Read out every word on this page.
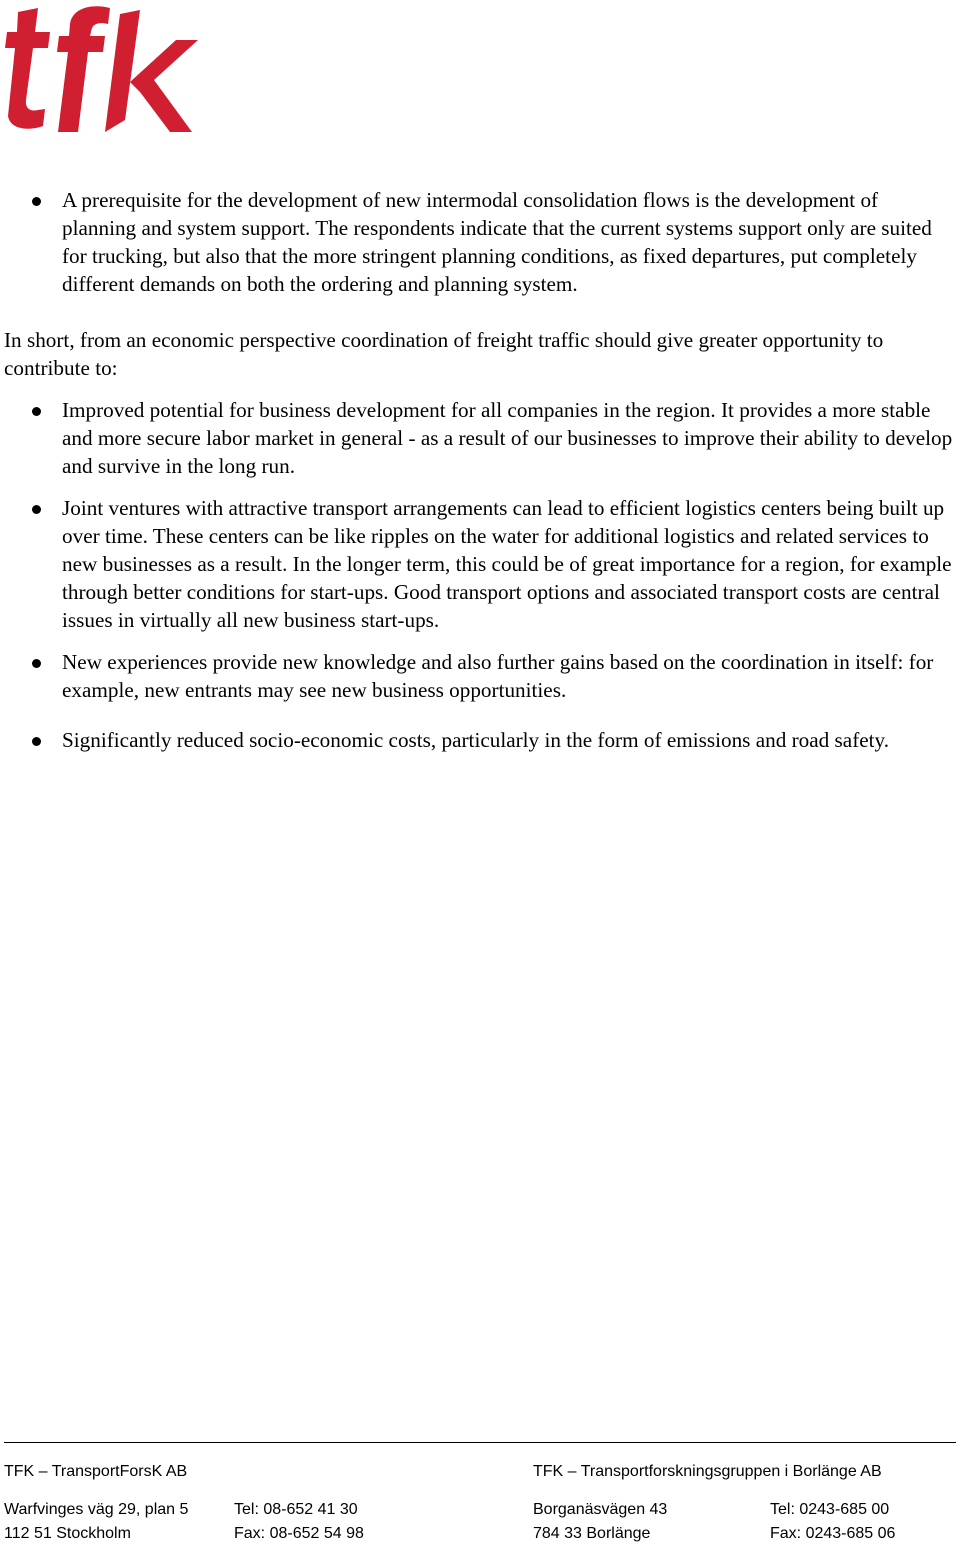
A prerequisite for the development of new intermodal consolidation flows is the development of planning and system support. The respondents indicate that the current systems support only are suited for trucking, but also that the more stringent planning conditions, as fixed departures, put completely different demands on both the ordering and planning system.
In short, from an economic perspective coordination of freight traffic should give greater opportunity to contribute to:
Improved potential for business development for all companies in the region. It provides a more stable and more secure labor market in general - as a result of our businesses to improve their ability to develop and survive in the long run.
Joint ventures with attractive transport arrangements can lead to efficient logistics centers being built up over time. These centers can be like ripples on the water for additional logistics and related services to new businesses as a result. In the longer term, this could be of great importance for a region, for example through better conditions for start-ups. Good transport options and associated transport costs are central issues in virtually all new business start-ups.
New experiences provide new knowledge and also further gains based on the coordination in itself: for example, new entrants may see new business opportunities.
Significantly reduced socio-economic costs, particularly in the form of emissions and road safety.
TFK – TransportForsK AB	TFK – Transportforskningsgruppen i Borlänge AB
Warfvinges väg 29, plan 5	Tel: 08-652 41 30	Borganäsvägen 43	Tel: 0243-685 00
112 51 Stockholm	Fax: 08-652 54 98	784 33 Borlänge	Fax: 0243-685 06
